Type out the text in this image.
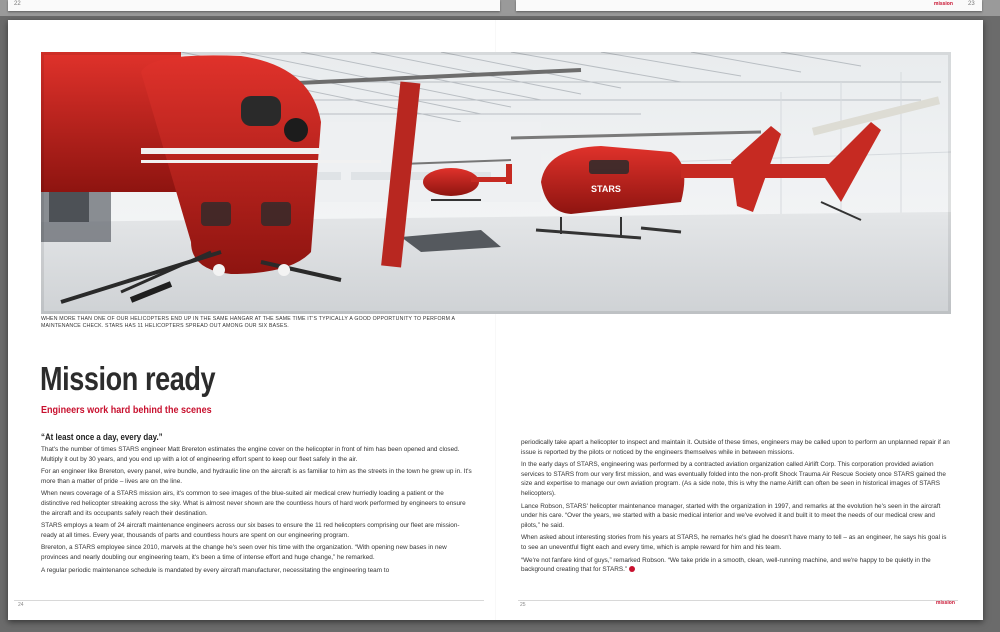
22	mission	23
STARS
WHEN MORE THAN ONE OF OUR HELICOPTERS END UP IN THE SAME HANGAR AT THE SAME TIME IT'S TYPICALLY A GOOD OPPORTUNITY TO PERFORM A MAINTENANCE CHECK. STARS HAS 11 HELICOPTERS SPREAD OUT AMONG OUR SIX BASES.
Mission ready
Engineers work hard behind the scenes
“At least once a day, every day.”

That's the number of times STARS engineer Matt Brereton estimates the engine cover on the helicopter in front of him has been opened and closed. Multiply it out by 30 years, and you end up with a lot of engineering effort spent to keep our fleet safely in the air.

For an engineer like Brereton, every panel, wire bundle, and hydraulic line on the aircraft is as familiar to him as the streets in the town he grew up in. It's more than a matter of pride – lives are on the line.

When news coverage of a STARS mission airs, it's common to see images of the blue-suited air medical crew hurriedly loading a patient or the distinctive red helicopter streaking across the sky. What is almost never shown are the countless hours of hard work performed by engineers to ensure the aircraft and its occupants safely reach their destination.

STARS employs a team of 24 aircraft maintenance engineers across our six bases to ensure the 11 red helicopters comprising our fleet are mission-ready at all times. Every year, thousands of parts and countless hours are spent on our engineering program.

Brereton, a STARS employee since 2010, marvels at the change he's seen over his time with the organization. “With opening new bases in new provinces and nearly doubling our engineering team, it's been a time of intense effort and huge change,” he remarked.

A regular periodic maintenance schedule is mandated by every aircraft manufacturer, necessitating the engineering team to

periodically take apart a helicopter to inspect and maintain it. Outside of these times, engineers may be called upon to perform an unplanned repair if an issue is reported by the pilots or noticed by the engineers themselves while in between missions.

In the early days of STARS, engineering was performed by a contracted aviation organization called Airlift Corp. This corporation provided aviation services to STARS from our very first mission, and was eventually folded into the non-profit Shock Trauma Air Rescue Society once STARS gained the size and expertise to manage our own aviation program. (As a side note, this is why the name Airlift can often be seen in historical images of STARS helicopters).

Lance Robson, STARS' helicopter maintenance manager, started with the organization in 1997, and remarks at the evolution he's seen in the aircraft under his care. “Over the years, we started with a basic medical interior and we've evolved it and built it to meet the needs of our medical crew and pilots,” he said.

When asked about interesting stories from his years at STARS, he remarks he's glad he doesn't have many to tell – as an engineer, he says his goal is to see an uneventful flight each and every time, which is ample reward for him and his team.

“We're not fanfare kind of guys,” remarked Robson. “We take pride in a smooth, clean, well-running machine, and we're happy to be quietly in the background creating that for STARS.”

24	25	mission
